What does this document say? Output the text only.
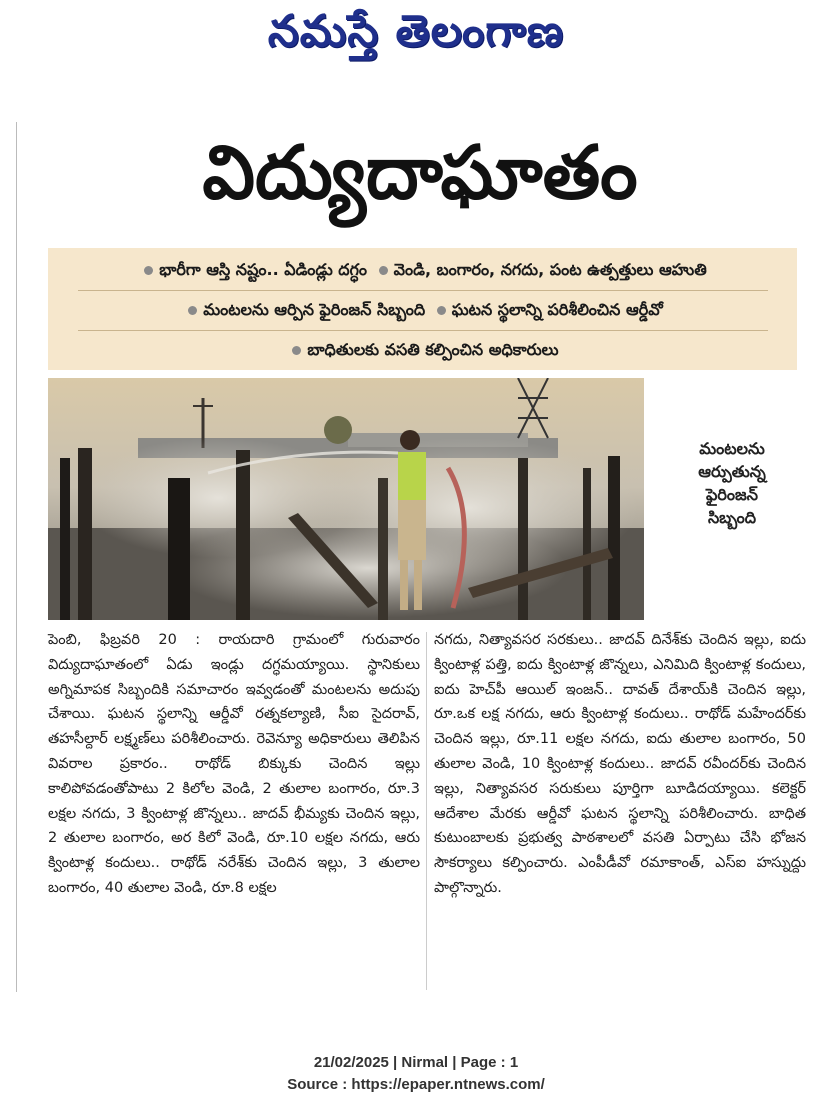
నమస్తే తెలంగాణ
విద్యుదాఘాతం
భారీగా ఆస్తి నష్టం.. ఏడిండ్లు దగ్ధం వెండి, బంగారం, నగదు, పంట ఉత్పత్తులు ఆహుతి
మంటలను ఆర్పిన ఫైరింజన్ సిబ్బంది ఘటన స్థలాన్ని పరిశీలించిన ఆర్డీవో
బాధితులకు వసతి కల్పించిన అధికారులు
మంటలను
ఆర్పుతున్న
ఫైరింజన్
సిబ్బంది
పెంబి, ఫిబ్రవరి 20 : రాయదారి గ్రామంలో గురువారం విద్యుదాఘాతంలో ఏడు ఇండ్లు దగ్ధమయ్యాయి. స్థానికులు అగ్నిమాపక సిబ్బందికి సమాచారం ఇవ్వడంతో మంటలను అదుపు చేశాయి. ఘటన స్థలాన్ని ఆర్డీవో రత్నకల్యాణి, సీఐ సైదరావ్, తహసీల్దార్ లక్ష్మణ్‌లు పరిశీలించారు. రెవెన్యూ అధికారులు తెలిపిన వివరాల ప్రకారం.. రాథోడ్ బిక్కుకు చెందిన ఇల్లు కాలిపోవడంతోపాటు 2 కిలోల వెండి, 2 తులాల బంగారం, రూ.3 లక్షల నగదు, 3 క్వింటాళ్ల జొన్నలు.. జాదవ్ భీమ్యకు చెందిన ఇల్లు, 2 తులాల బంగారం, అర కిలో వెండి, రూ.10 లక్షల నగదు, ఆరు క్వింటాళ్ల కందులు.. రాథోడ్ నరేశ్‌కు చెందిన ఇల్లు, 3 తులాల బంగారం, 40 తులాల వెండి, రూ.8 లక్షల
నగదు, నిత్యావసర సరకులు.. జాదవ్ దినేశ్‌కు చెందిన ఇల్లు, ఐదు క్వింటాళ్ల పత్తి, ఐదు క్వింటాళ్ల జొన్నలు, ఎనిమిది క్వింటాళ్ల కందులు, ఐదు హెచ్‌పీ ఆయిల్ ఇంజన్.. దావత్ దేశాయ్‌కి చెందిన ఇల్లు, రూ.ఒక లక్ష నగదు, ఆరు క్వింటాళ్ల కందులు.. రాథోడ్ మహేందర్‌కు చెందిన ఇల్లు, రూ.11 లక్షల నగదు, ఐదు తులాల బంగారం, 50 తులాల వెండి, 10 క్వింటాళ్ల కందులు.. జాదవ్ రవీందర్‌కు చెందిన ఇల్లు, నిత్యావసర సరుకులు పూర్తిగా బూడిదయ్యాయి. కలెక్టర్ ఆదేశాల మేరకు ఆర్డీవో ఘటన స్థలాన్ని పరిశీలించారు. బాధిత కుటుంబాలకు ప్రభుత్వ పాఠశాలలో వసతి ఏర్పాటు చేసి భోజన సౌకర్యాలు కల్పించారు. ఎంపీడీవో రమాకాంత్, ఎస్ఐ హస్నుద్దు పాల్గొన్నారు.
21/02/2025 | Nirmal | Page : 1
Source : https://epaper.ntnews.com/
